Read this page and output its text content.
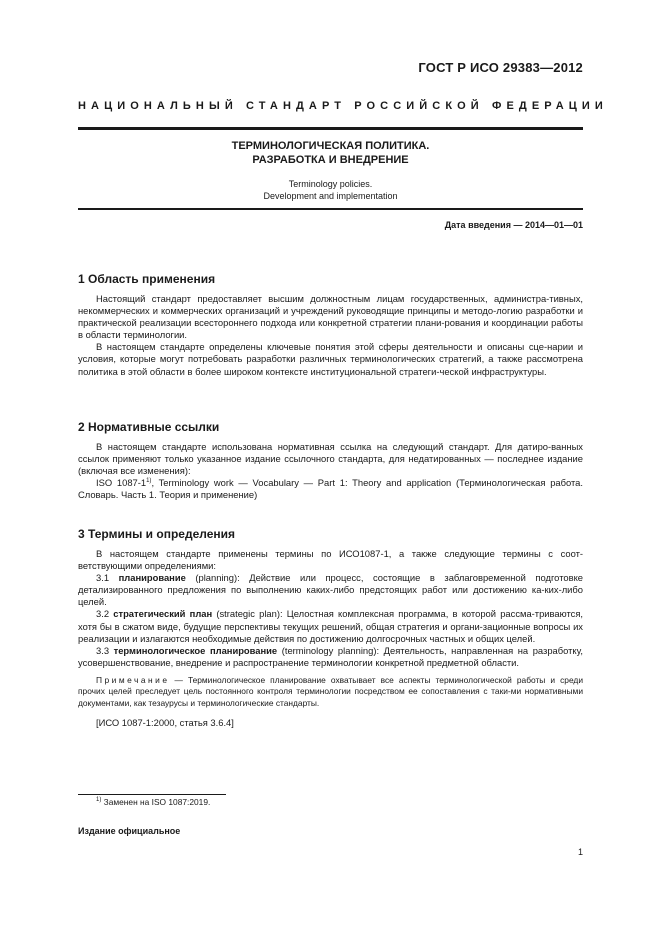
ГОСТ Р ИСО 29383—2012
НАЦИОНАЛЬНЫЙ СТАНДАРТ РОССИЙСКОЙ ФЕДЕРАЦИИ
ТЕРМИНОЛОГИЧЕСКАЯ ПОЛИТИКА.
РАЗРАБОТКА И ВНЕДРЕНИЕ
Terminology policies.
Development and implementation
Дата введения — 2014—01—01
1 Область применения

Настоящий стандарт предоставляет высшим должностным лицам государственных, администра-тивных, некоммерческих и коммерческих организаций и учреждений руководящие принципы и методо-логию разработки и практической реализации всестороннего подхода или конкретной стратегии плани-рования и координации работы в области терминологии.

В настоящем стандарте определены ключевые понятия этой сферы деятельности и описаны сце-нарии и условия, которые могут потребовать разработки различных терминологических стратегий, а также рассмотрена политика в этой области в более широком контексте институциональной стратеги-ческой инфраструктуры.

2 Нормативные ссылки

В настоящем стандарте использована нормативная ссылка на следующий стандарт. Для датиро-ванных ссылок применяют только указанное издание ссылочного стандарта, для недатированных — последнее издание (включая все изменения):

ISO 1087-1$^{1)}$, Terminology work — Vocabulary — Part 1: Theory and application (Терминологическая работа. Словарь. Часть 1. Теория и применение)

3 Термины и определения

В настоящем стандарте применены термины по ИСО1087-1, а также следующие термины с соот-ветствующими определениями:

3.1 планирование (planning): Действие или процесс, состоящие в заблаговременной подготовке детализированного предложения по выполнению каких-либо предстоящих работ или достижению ка-ких-либо целей.

3.2 стратегический план (strategic plan): Целостная комплексная программа, в которой рассма-триваются, хотя бы в сжатом виде, будущие перспективы текущих решений, общая стратегия и органи-зационные вопросы их реализации и излагаются необходимые действия по достижению долгосрочных частных и общих целей.

3.3 терминологическое планирование (terminology planning): Деятельность, направленная на разработку, усовершенствование, внедрение и распространение терминологии конкретной предметной области.

Примечание — Терминологическое планирование охватывает все аспекты терминологической работы и среди прочих целей преследует цель постоянного контроля терминологии посредством ее сопоставления с таки-ми нормативными документами, как тезаурусы и терминологические стандарты.

[ИСО 1087-1:2000, статья 3.6.4]

$^{1)}$ Заменен на ISO 1087:2019.
Издание официальное
1
